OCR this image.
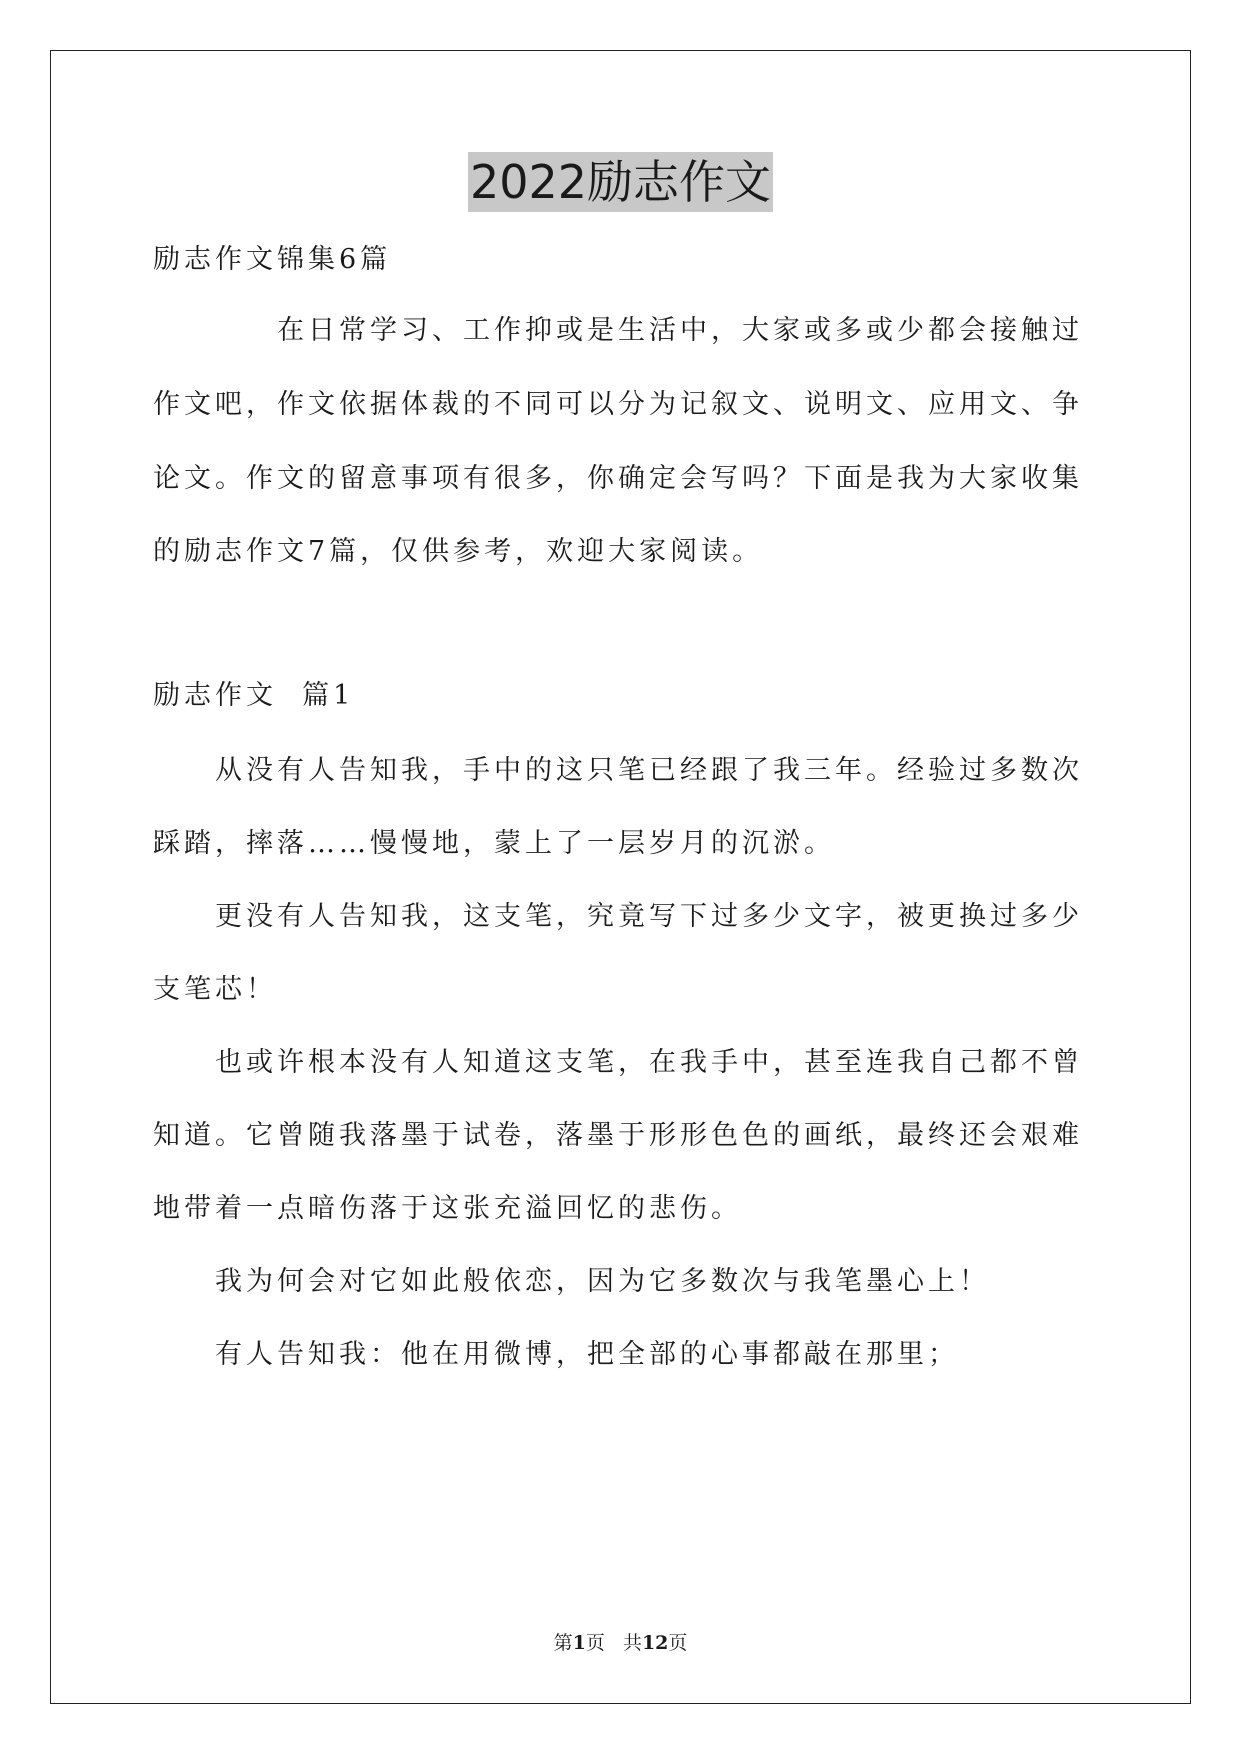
2022励志作文
励志作文锦集6篇
在日常学习、工作抑或是生活中，大家或多或少都会接触过
作文吧，作文依据体裁的不同可以分为记叙文、说明文、应用文、争
论文。作文的留意事项有很多，你确定会写吗？下面是我为大家收集
的励志作文7篇，仅供参考，欢迎大家阅读。
励志作文  篇1
从没有人告知我，手中的这只笔已经跟了我三年。经验过多数次
踩踏，摔落……慢慢地，蒙上了一层岁月的沉淤。
更没有人告知我，这支笔，究竟写下过多少文字，被更换过多少
支笔芯！
也或许根本没有人知道这支笔，在我手中，甚至连我自己都不曾
知道。它曾随我落墨于试卷，落墨于形形色色的画纸，最终还会艰难
地带着一点暗伤落于这张充溢回忆的悲伤。
我为何会对它如此般依恋，因为它多数次与我笔墨心上！
有人告知我：他在用微博，把全部的心事都敲在那里；
第1页   共12页
